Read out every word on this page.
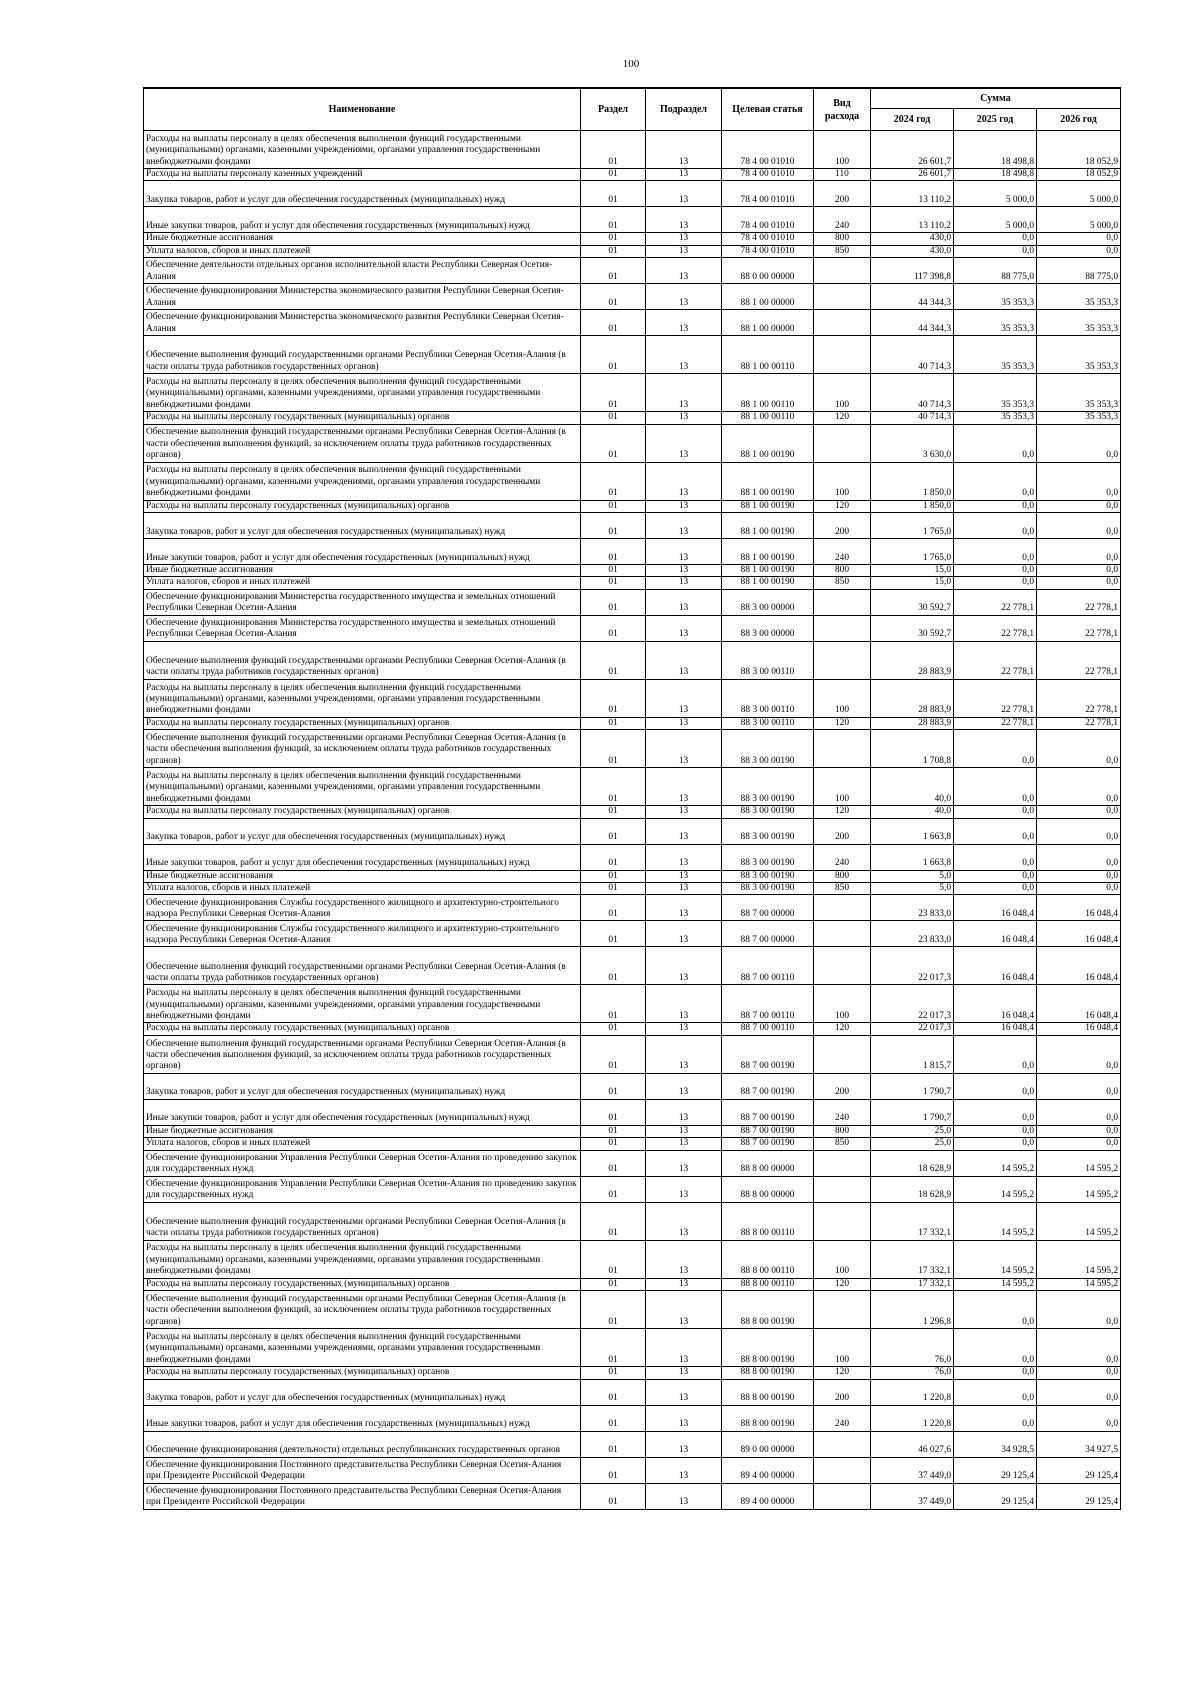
100
Наименование	Раздел	Подраздел	Целевая статья	Вид расхода	Сумма		
					2024 год	2025 год	2026 год
Расходы на выплаты персоналу в целях обеспечения выполнения функций государственными (муниципальными) органами, казенными учреждениями, органами управления государственными внебюджетными фондами	01	13	78 4 00 01010	100	26 601,7	18 498,8	18 052,9
Расходы на выплаты персоналу казенных учреждений	01	13	78 4 00 01010	110	26 601,7	18 498,8	18 052,9
Закупка товаров, работ и услуг для обеспечения государственных (муниципальных) нужд	01	13	78 4 00 01010	200	13 110,2	5 000,0	5 000,0
Иные закупки товаров, работ и услуг для обеспечения государственных (муниципальных) нужд	01	13	78 4 00 01010	240	13 110,2	5 000,0	5 000,0
Иные бюджетные ассигнования	01	13	78 4 00 01010	800	430,0	0,0	0,0
Уплата налогов, сборов и иных платежей	01	13	78 4 00 01010	850	430,0	0,0	0,0
Обеспечение деятельности отдельных органов исполнительной власти Республики Северная Осетия-Алания	01	13	88 0 00 00000		117 398,8	88 775,0	88 775,0
Обеспечение функционирования Министерства экономического развития Республики Северная Осетия-Алания	01	13	88 1 00 00000		44 344,3	35 353,3	35 353,3
Обеспечение функционирования Министерства экономического развития Республики Северная Осетия-Алания	01	13	88 1 00 00000		44 344,3	35 353,3	35 353,3
Обеспечение выполнения функций государственными органами Республики Северная Осетия-Алания (в части оплаты труда работников государственных органов)	01	13	88 1 00 00110		40 714,3	35 353,3	35 353,3
Расходы на выплаты персоналу в целях обеспечения выполнения функций государственными (муниципальными) органами, казенными учреждениями, органами управления государственными внебюджетными фондами	01	13	88 1 00 00110	100	40 714,3	35 353,3	35 353,3
Расходы на выплаты персоналу государственных (муниципальных) органов	01	13	88 1 00 00110	120	40 714,3	35 353,3	35 353,3
Обеспечение выполнения функций государственными органами Республики Северная Осетия-Алания (в части обеспечения выполнения функций, за исключением оплаты труда работников государственных органов)	01	13	88 1 00 00190		3 630,0	0,0	0,0
Расходы на выплаты персоналу в целях обеспечения выполнения функций государственными (муниципальными) органами, казенными учреждениями, органами управления государственными внебюджетными фондами	01	13	88 1 00 00190	100	1 850,0	0,0	0,0
Расходы на выплаты персоналу государственных (муниципальных) органов	01	13	88 1 00 00190	120	1 850,0	0,0	0,0
Закупка товаров, работ и услуг для обеспечения государственных (муниципальных) нужд	01	13	88 1 00 00190	200	1 765,0	0,0	0,0
Иные закупки товаров, работ и услуг для обеспечения государственных (муниципальных) нужд	01	13	88 1 00 00190	240	1 765,0	0,0	0,0
Иные бюджетные ассигнования	01	13	88 1 00 00190	800	15,0	0,0	0,0
Уплата налогов, сборов и иных платежей	01	13	88 1 00 00190	850	15,0	0,0	0,0
Обеспечение функционирования Министерства государственного имущества и земельных отношений Республики Северная Осетия-Алания	01	13	88 3 00 00000		30 592,7	22 778,1	22 778,1
Обеспечение функционирования Министерства государственного имущества и земельных отношений Республики Северная Осетия-Алания	01	13	88 3 00 00000		30 592,7	22 778,1	22 778,1
Обеспечение выполнения функций государственными органами Республики Северная Осетия-Алания (в части оплаты труда работников государственных органов)	01	13	88 3 00 00110		28 883,9	22 778,1	22 778,1
Расходы на выплаты персоналу в целях обеспечения выполнения функций государственными (муниципальными) органами, казенными учреждениями, органами управления государственными внебюджетными фондами	01	13	88 3 00 00110	100	28 883,9	22 778,1	22 778,1
Расходы на выплаты персоналу государственных (муниципальных) органов	01	13	88 3 00 00110	120	28 883,9	22 778,1	22 778,1
Обеспечение выполнения функций государственными органами Республики Северная Осетия-Алания (в части обеспечения выполнения функций, за исключением оплаты труда работников государственных органов)	01	13	88 3 00 00190		1 708,8	0,0	0,0
Расходы на выплаты персоналу в целях обеспечения выполнения функций государственными (муниципальными) органами, казенными учреждениями, органами управления государственными внебюджетными фондами	01	13	88 3 00 00190	100	40,0	0,0	0,0
Расходы на выплаты персоналу государственных (муниципальных) органов	01	13	88 3 00 00190	120	40,0	0,0	0,0
Закупка товаров, работ и услуг для обеспечения государственных (муниципальных) нужд	01	13	88 3 00 00190	200	1 663,8	0,0	0,0
Иные закупки товаров, работ и услуг для обеспечения государственных (муниципальных) нужд	01	13	88 3 00 00190	240	1 663,8	0,0	0,0
Иные бюджетные ассигнования	01	13	88 3 00 00190	800	5,0	0,0	0,0
Уплата налогов, сборов и иных платежей	01	13	88 3 00 00190	850	5,0	0,0	0,0
Обеспечение функционирования Службы государственного жилищного и архитектурно-строительного надзора Республики Северная Осетия-Алания	01	13	88 7 00 00000		23 833,0	16 048,4	16 048,4
Обеспечение функционирования Службы государственного жилищного и архитектурно-строительного надзора Республики Северная Осетия-Алания	01	13	88 7 00 00000		23 833,0	16 048,4	16 048,4
Обеспечение выполнения функций государственными органами Республики Северная Осетия-Алания (в части оплаты труда работников государственных органов)	01	13	88 7 00 00110		22 017,3	16 048,4	16 048,4
Расходы на выплаты персоналу в целях обеспечения выполнения функций государственными (муниципальными) органами, казенными учреждениями, органами управления государственными внебюджетными фондами	01	13	88 7 00 00110	100	22 017,3	16 048,4	16 048,4
Расходы на выплаты персоналу государственных (муниципальных) органов	01	13	88 7 00 00110	120	22 017,3	16 048,4	16 048,4
Обеспечение выполнения функций государственными органами Республики Северная Осетия-Алания (в части обеспечения выполнения функций, за исключением оплаты труда работников государственных органов)	01	13	88 7 00 00190		1 815,7	0,0	0,0
Закупка товаров, работ и услуг для обеспечения государственных (муниципальных) нужд	01	13	88 7 00 00190	200	1 790,7	0,0	0,0
Иные закупки товаров, работ и услуг для обеспечения государственных (муниципальных) нужд	01	13	88 7 00 00190	240	1 790,7	0,0	0,0
Иные бюджетные ассигнования	01	13	88 7 00 00190	800	25,0	0,0	0,0
Уплата налогов, сборов и иных платежей	01	13	88 7 00 00190	850	25,0	0,0	0,0
Обеспечение функционирования Управления Республики Северная Осетия-Алания по проведению закупок для государственных нужд	01	13	88 8 00 00000		18 628,9	14 595,2	14 595,2
Обеспечение функционирования Управления Республики Северная Осетия-Алания по проведению закупок для государственных нужд	01	13	88 8 00 00000		18 628,9	14 595,2	14 595,2
Обеспечение выполнения функций государственными органами Республики Северная Осетия-Алания (в части оплаты труда работников государственных органов)	01	13	88 8 00 00110		17 332,1	14 595,2	14 595,2
Расходы на выплаты персоналу в целях обеспечения выполнения функций государственными (муниципальными) органами, казенными учреждениями, органами управления государственными внебюджетными фондами	01	13	88 8 00 00110	100	17 332,1	14 595,2	14 595,2
Расходы на выплаты персоналу государственных (муниципальных) органов	01	13	88 8 00 00110	120	17 332,1	14 595,2	14 595,2
Обеспечение выполнения функций государственными органами Республики Северная Осетия-Алания (в части обеспечения выполнения функций, за исключением оплаты труда работников государственных органов)	01	13	88 8 00 00190		1 296,8	0,0	0,0
Расходы на выплаты персоналу в целях обеспечения выполнения функций государственными (муниципальными) органами, казенными учреждениями, органами управления государственными внебюджетными фондами	01	13	88 8 00 00190	100	76,0	0,0	0,0
Расходы на выплаты персоналу государственных (муниципальных) органов	01	13	88 8 00 00190	120	76,0	0,0	0,0
Закупка товаров, работ и услуг для обеспечения государственных (муниципальных) нужд	01	13	88 8 00 00190	200	1 220,8	0,0	0,0
Иные закупки товаров, работ и услуг для обеспечения государственных (муниципальных) нужд	01	13	88 8 00 00190	240	1 220,8	0,0	0,0
Обеспечение функционирования (деятельности) отдельных республиканских государственных органов	01	13	89 0 00 00000		46 027,6	34 928,5	34 927,5
Обеспечение функционирования Постоянного представительства Республики Северная Осетия-Алания при Президенте Российской Федерации	01	13	89 4 00 00000		37 449,0	29 125,4	29 125,4
Обеспечение функционирования Постоянного представительства Республики Северная Осетия-Алания при Президенте Российской Федерации	01	13	89 4 00 00000		37 449,0	29 125,4	29 125,4
